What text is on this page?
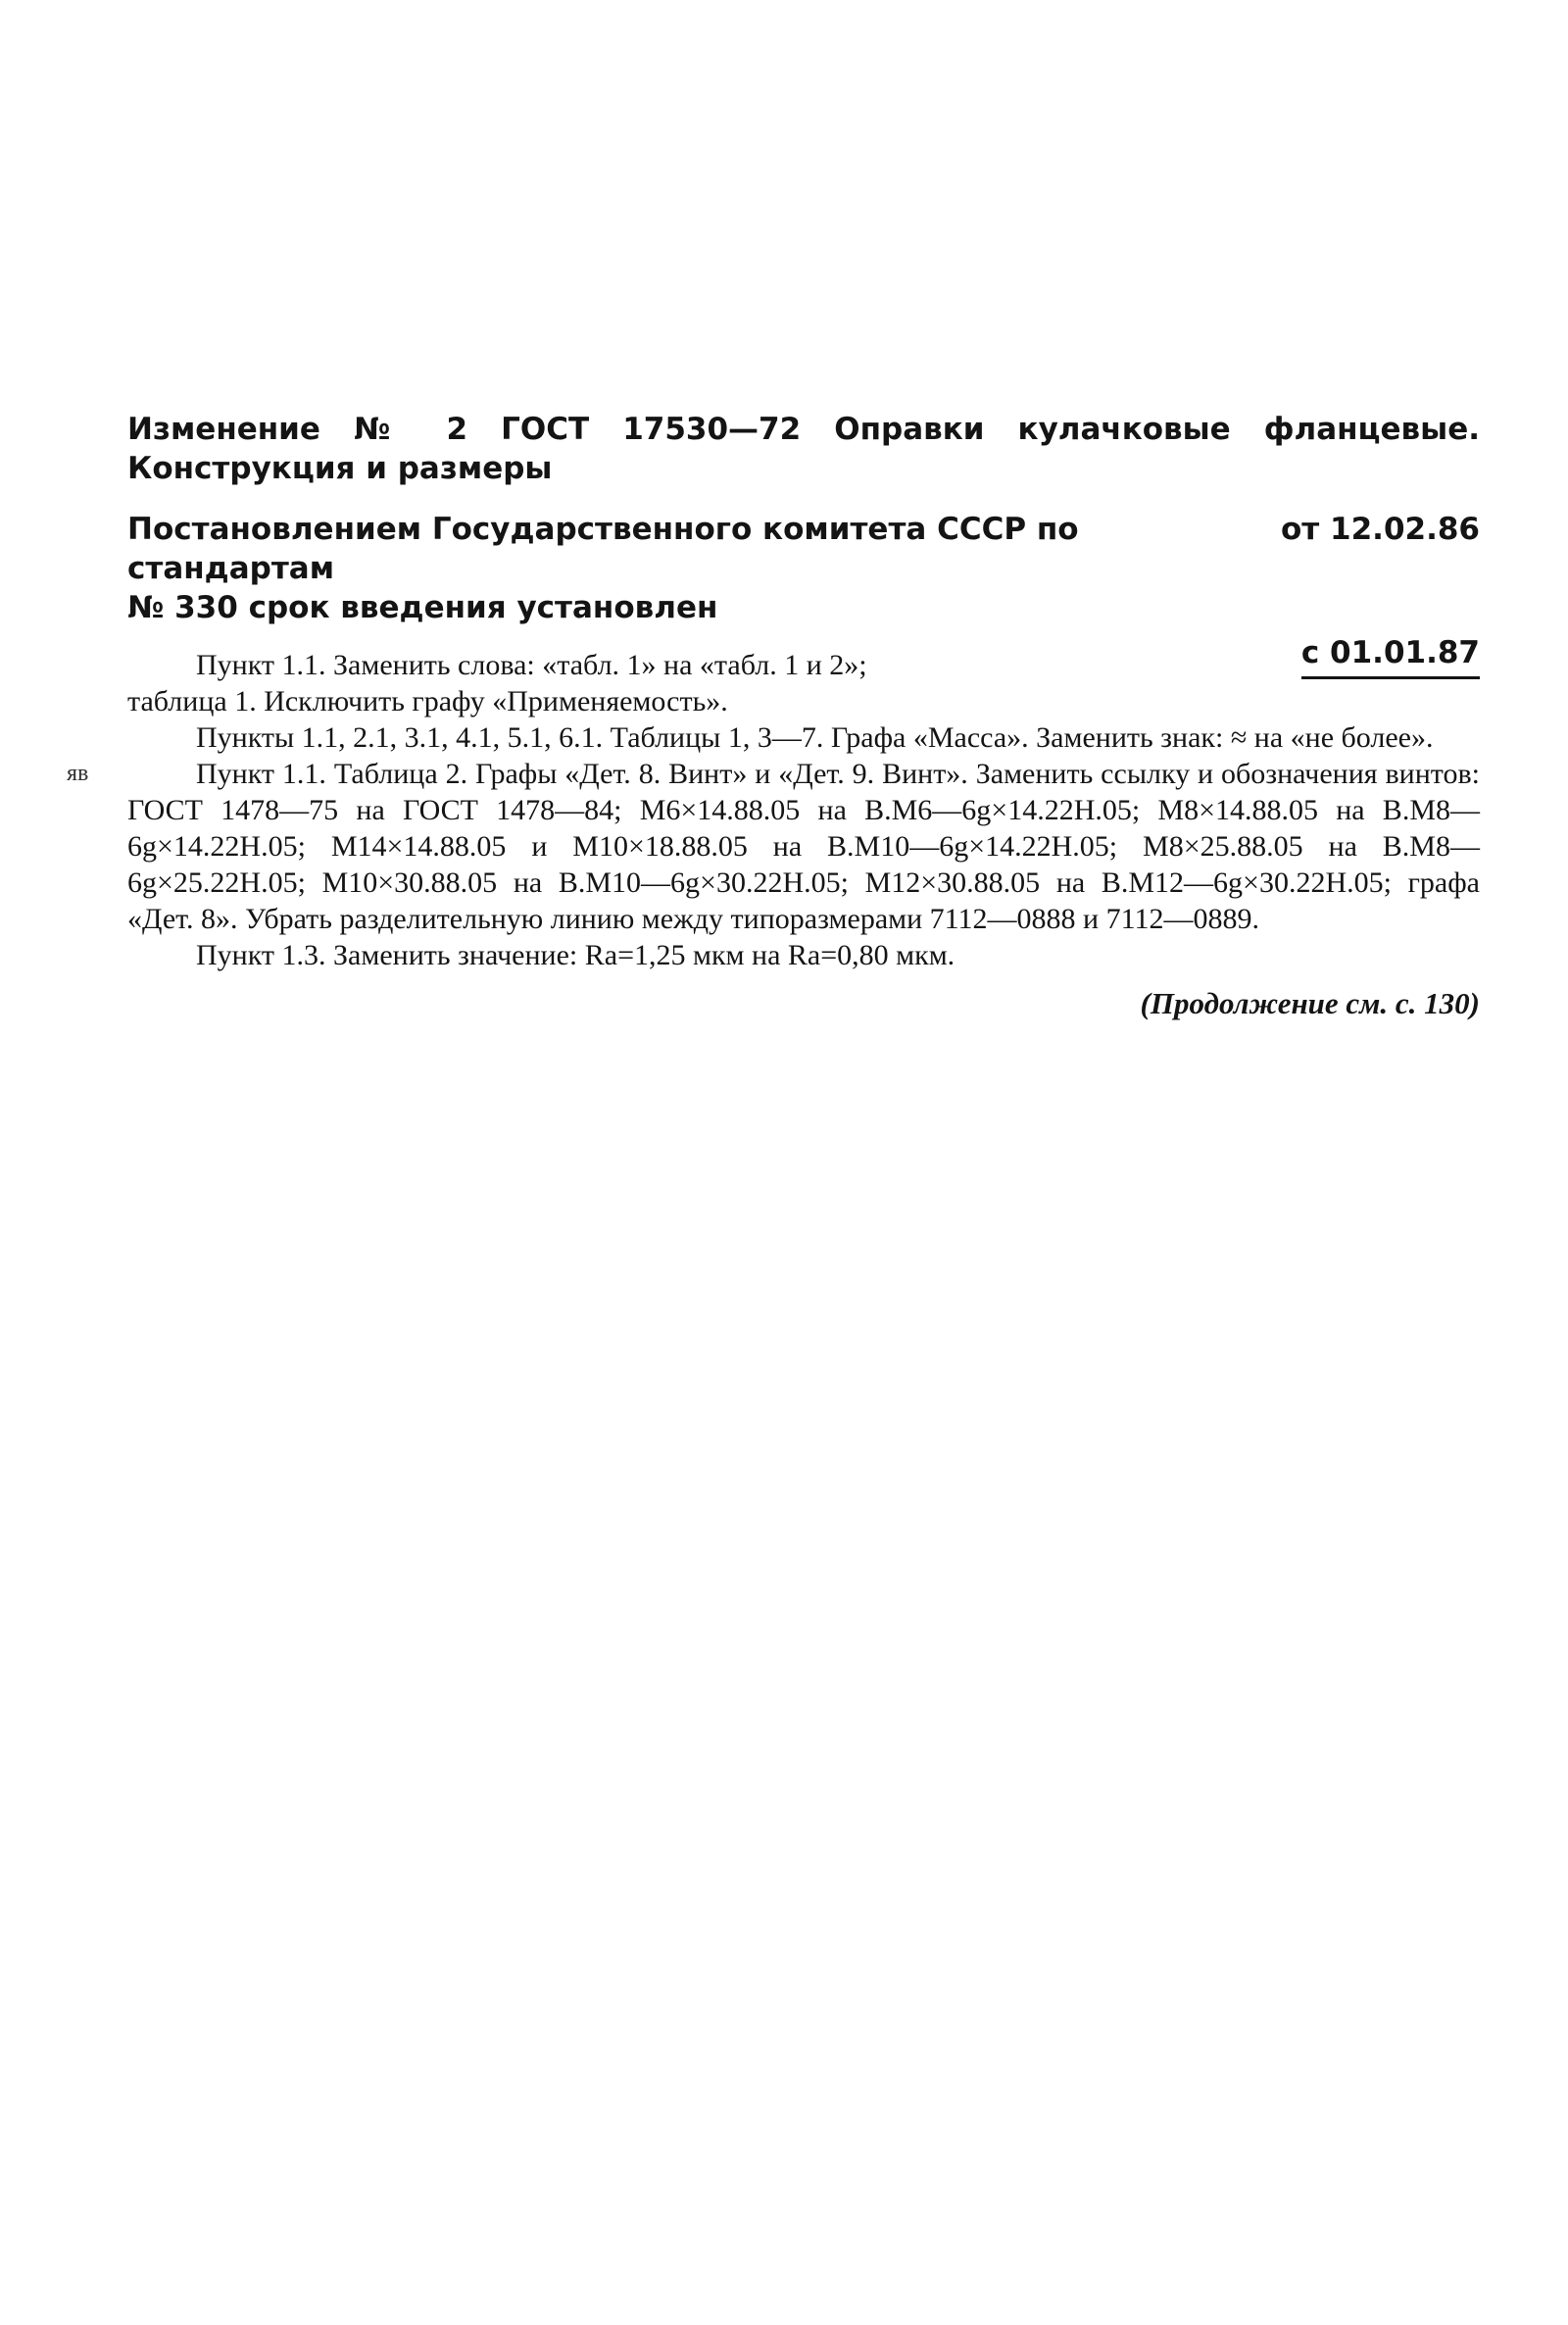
Изменение № 2 ГОСТ 17530—72 Оправки кулачковые фланцевые. Конструкция и размеры

Постановлением Государственного комитета СССР по стандартам
от 12.02.86
№ 330 срок введения установлен
с 01.01.87
яв

Пункт 1.1. Заменить слова: «табл. 1» на «табл. 1 и 2»;

таблица 1. Исключить графу «Применяемость».

Пункты 1.1, 2.1, 3.1, 4.1, 5.1, 6.1. Таблицы 1, 3—7. Графа «Масса». Заменить знак: ≈ на «не более».

Пункт 1.1. Таблица 2. Графы «Дет. 8. Винт» и «Дет. 9. Винт». Заменить ссылку и обозначения винтов: ГОСТ 1478—75 на ГОСТ 1478—84; М6×14.88.05 на В.М6—6g×14.22Н.05; М8×14.88.05 на В.М8—6g×14.22Н.05; М14×14.88.05 и М10×18.88.05 на В.М10—6g×14.22Н.05; М8×25.88.05 на В.М8—6g×25.22Н.05; М10×30.88.05 на В.М10—6g×30.22Н.05; М12×30.88.05 на В.М12—6g×30.22Н.05; графа «Дет. 8». Убрать разделительную линию между типоразмерами 7112—0888 и 7112—0889.

Пункт 1.3. Заменить значение: Ra=1,25 мкм на Ra=0,80 мкм.

(Продолжение см. с. 130)
